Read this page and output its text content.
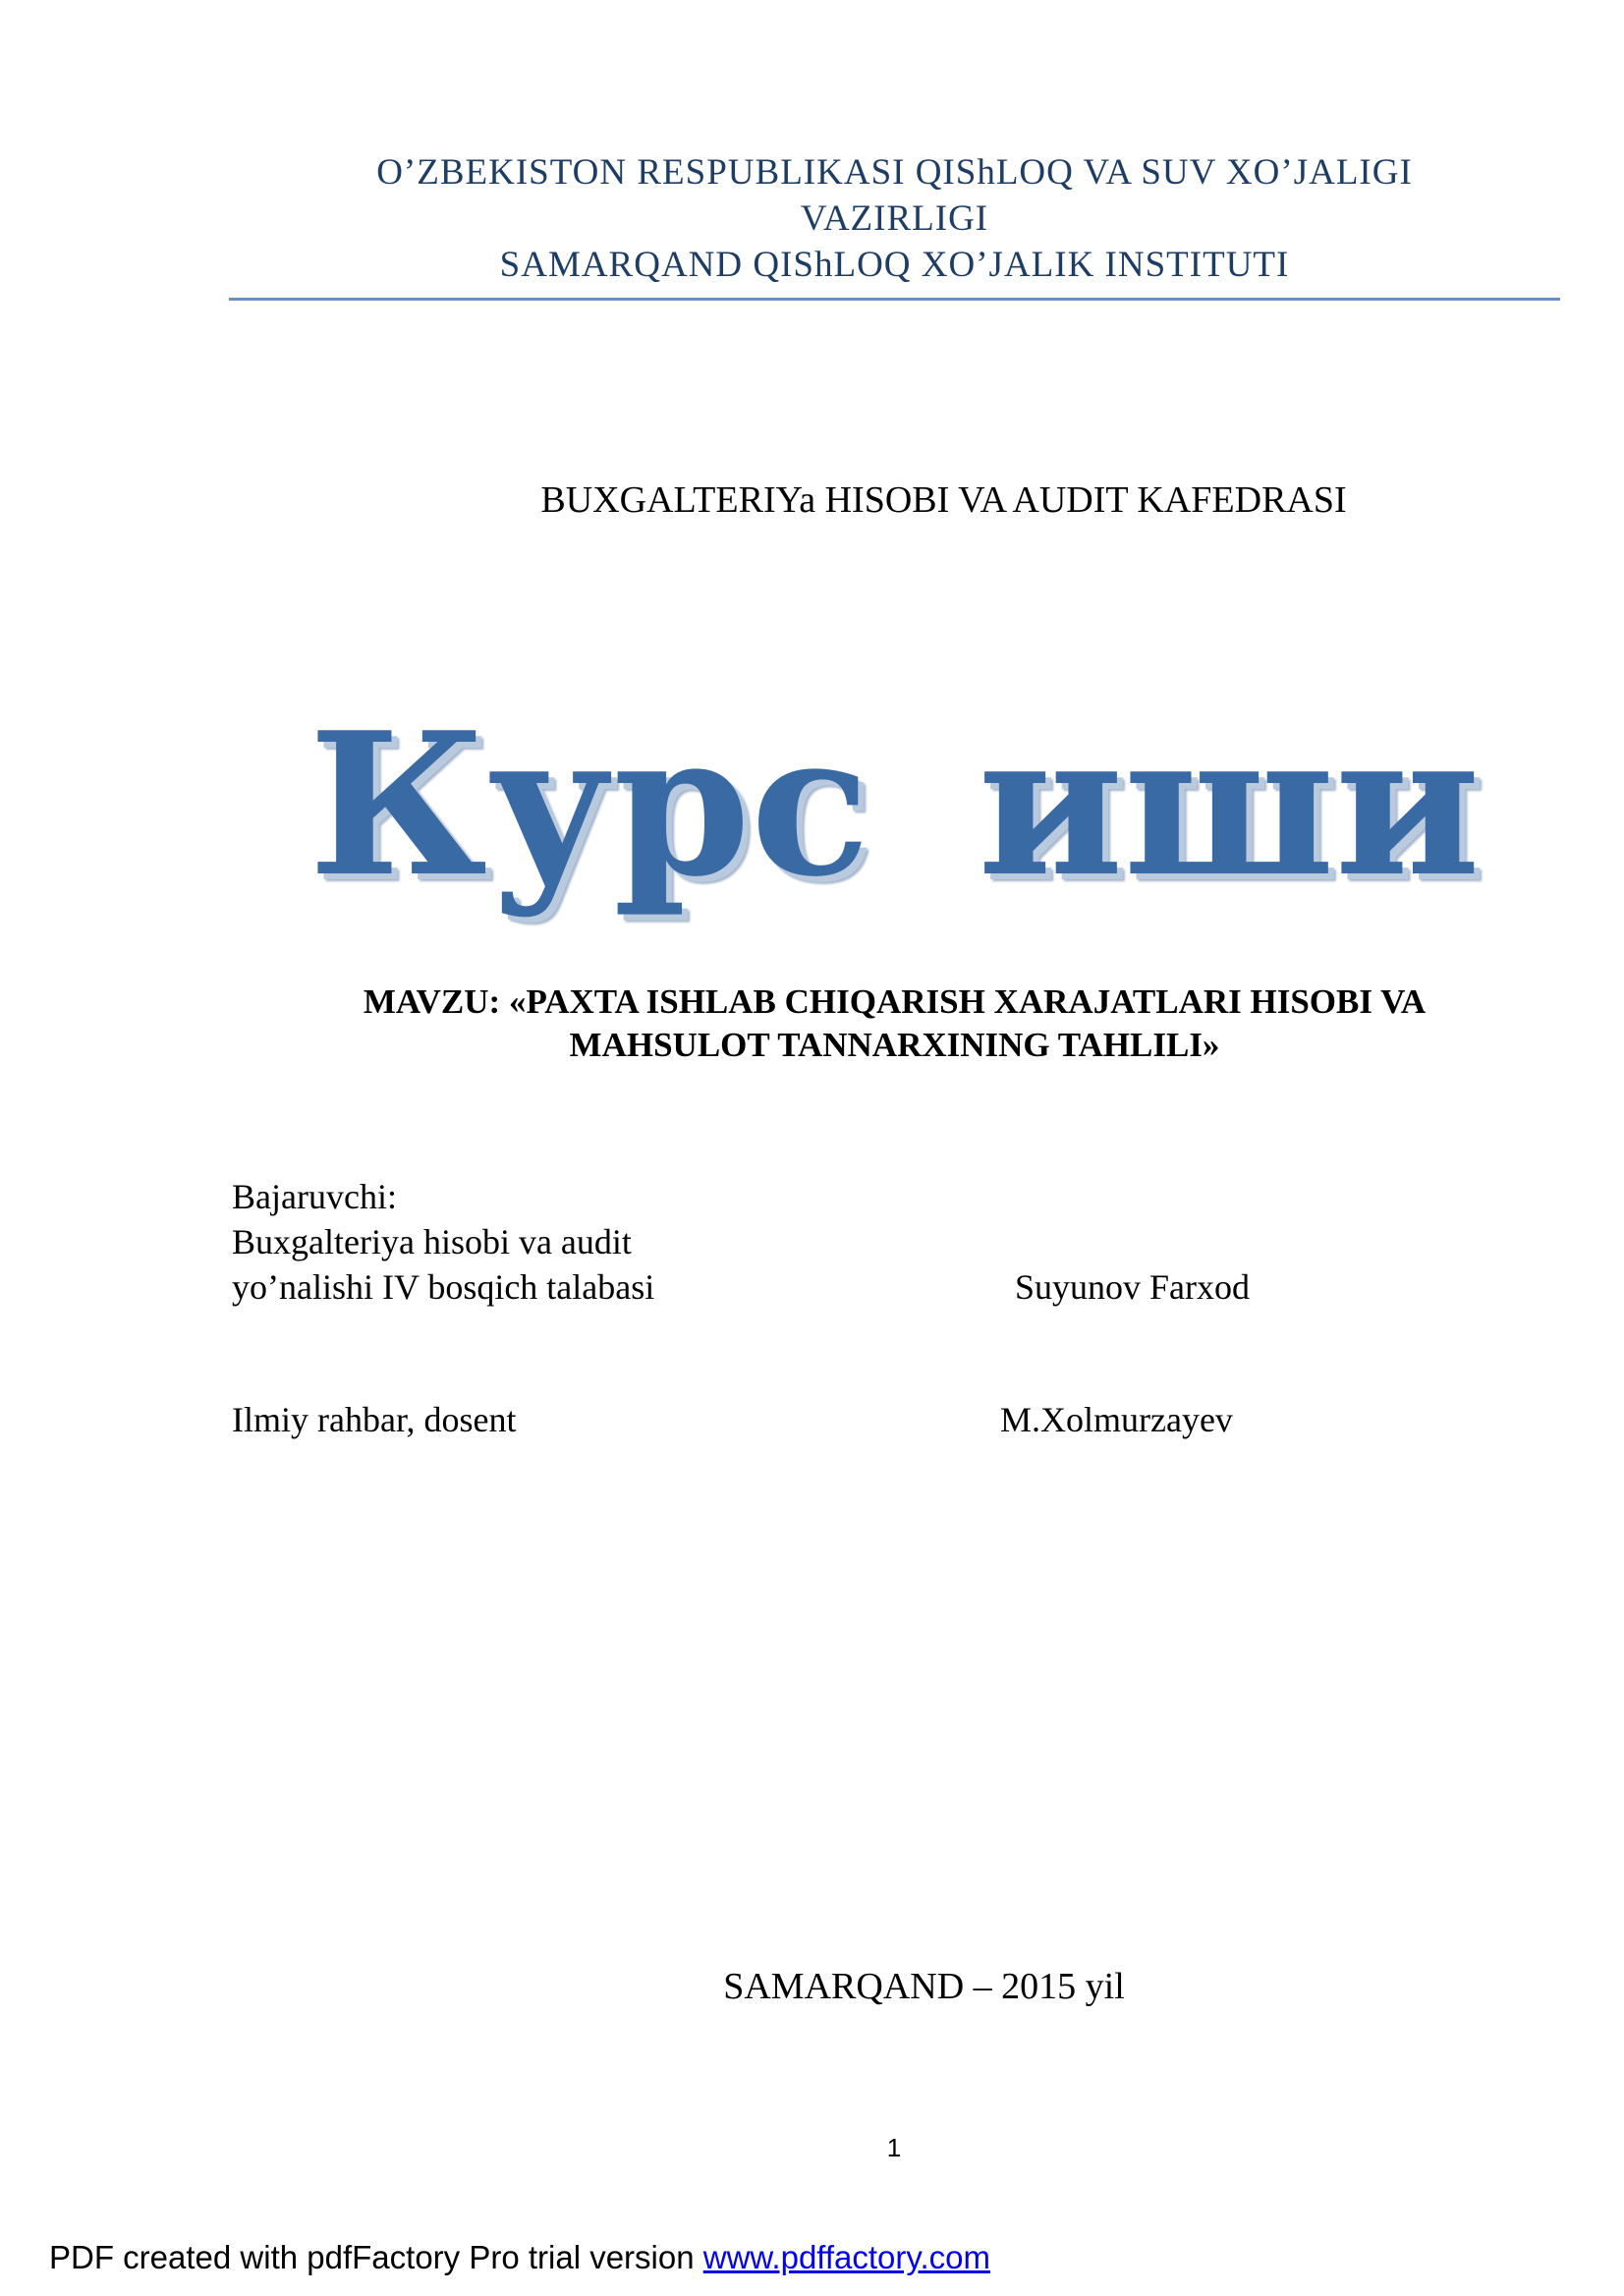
O’ZBEKISTON RESPUBLIKASI QIShLOQ VA SUV XO’JALIGI
VAZIRLIGI
SAMARQAND QIShLOQ XO’JALIK INSTITUTI
BUXGALTERIYa HISOBI VA AUDIT KAFEDRASI
Курс иши
MAVZU: «PAXTA ISHLAB CHIQARISH XARAJATLARI HISOBI VA
MAHSULOT TANNARXINING TAHLILI»
Bajaruvchi:
Buxgalteriya hisobi va audit
yo’nalishi IV bosqich talabasi	Suyunov Farxod
Ilmiy rahbar, dosent	M.Xolmurzayev
SAMARQAND – 2015 yil
1
PDF created with pdfFactory Pro trial version www.pdffactory.com
